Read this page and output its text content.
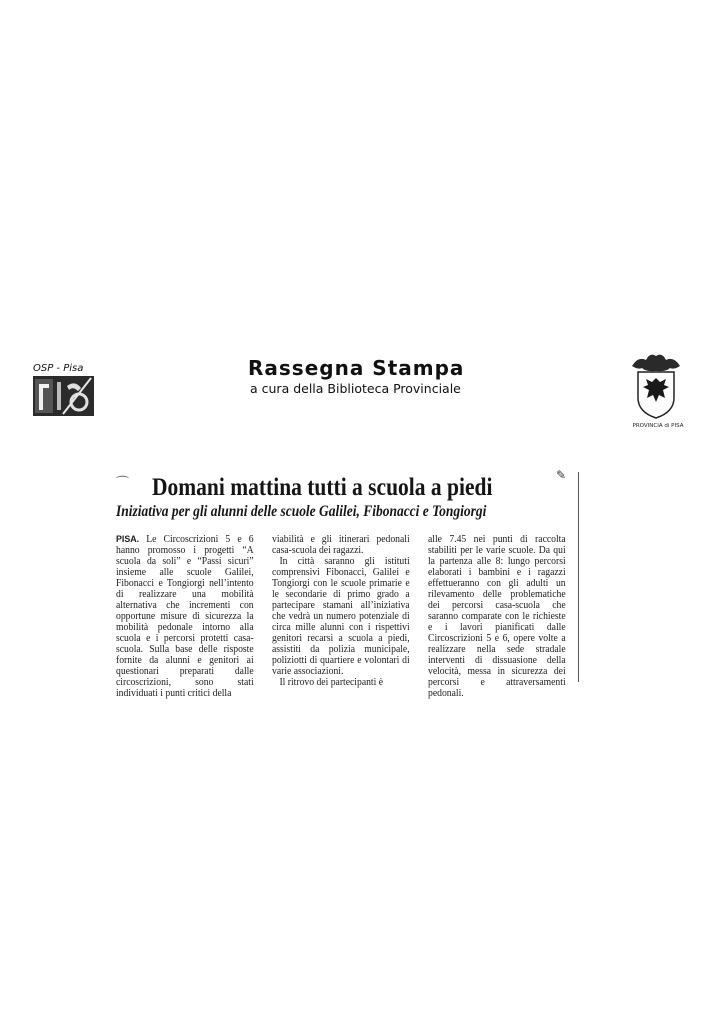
OSP - Pisa	Rassegna Stampa
a cura della Biblioteca Provinciale
PROVINCIA di PISA
⌒
✎
Domani mattina tutti a scuola a piedi
Iniziativa per gli alunni delle scuole Galilei, Fibonacci e Tongiorgi

PISA. Le Circoscrizioni 5 e 6 hanno promosso i progetti “A scuola da soli” e “Passi sicuri” insieme alle scuole Galilei, Fibonacci e Tongiorgi nell’intento di realizzare una mobilità alternativa che incrementi con opportune misure di sicurezza la mobilità pedonale intorno alla scuola e i percorsi protetti casa-scuola. Sulla base delle risposte fornite da alunni e genitori ai questionari preparati dalle circoscrizioni, sono stati individuati i punti critici della

viabilità e gli itinerari pedonali casa-scuola dei ragazzi.

In città saranno gli istituti comprensivi Fibonacci, Galilei e Tongiorgi con le scuole primarie e le secondarie di primo grado a partecipare stamani all’iniziativa che vedrà un numero potenziale di circa mille alunni con i rispettivi genitori recarsi a scuola a piedi, assistiti da polizia municipale, poliziotti di quartiere e volontari di varie associazioni.

Il ritrovo dei partecipanti è

alle 7.45 nei punti di raccolta stabiliti per le varie scuole. Da qui la partenza alle 8: lungo percorsi elaborati i bambini e i ragazzi effettueranno con gli adulti un rilevamento delle problematiche dei percorsi casa-scuola che saranno comparate con le richieste e i lavori pianificati dalle Circoscrizioni 5 e 6, opere volte a realizzare nella sede stradale interventi di dissuasione della velocità, messa in sicurezza dei percorsi e attraversamenti pedonali.
